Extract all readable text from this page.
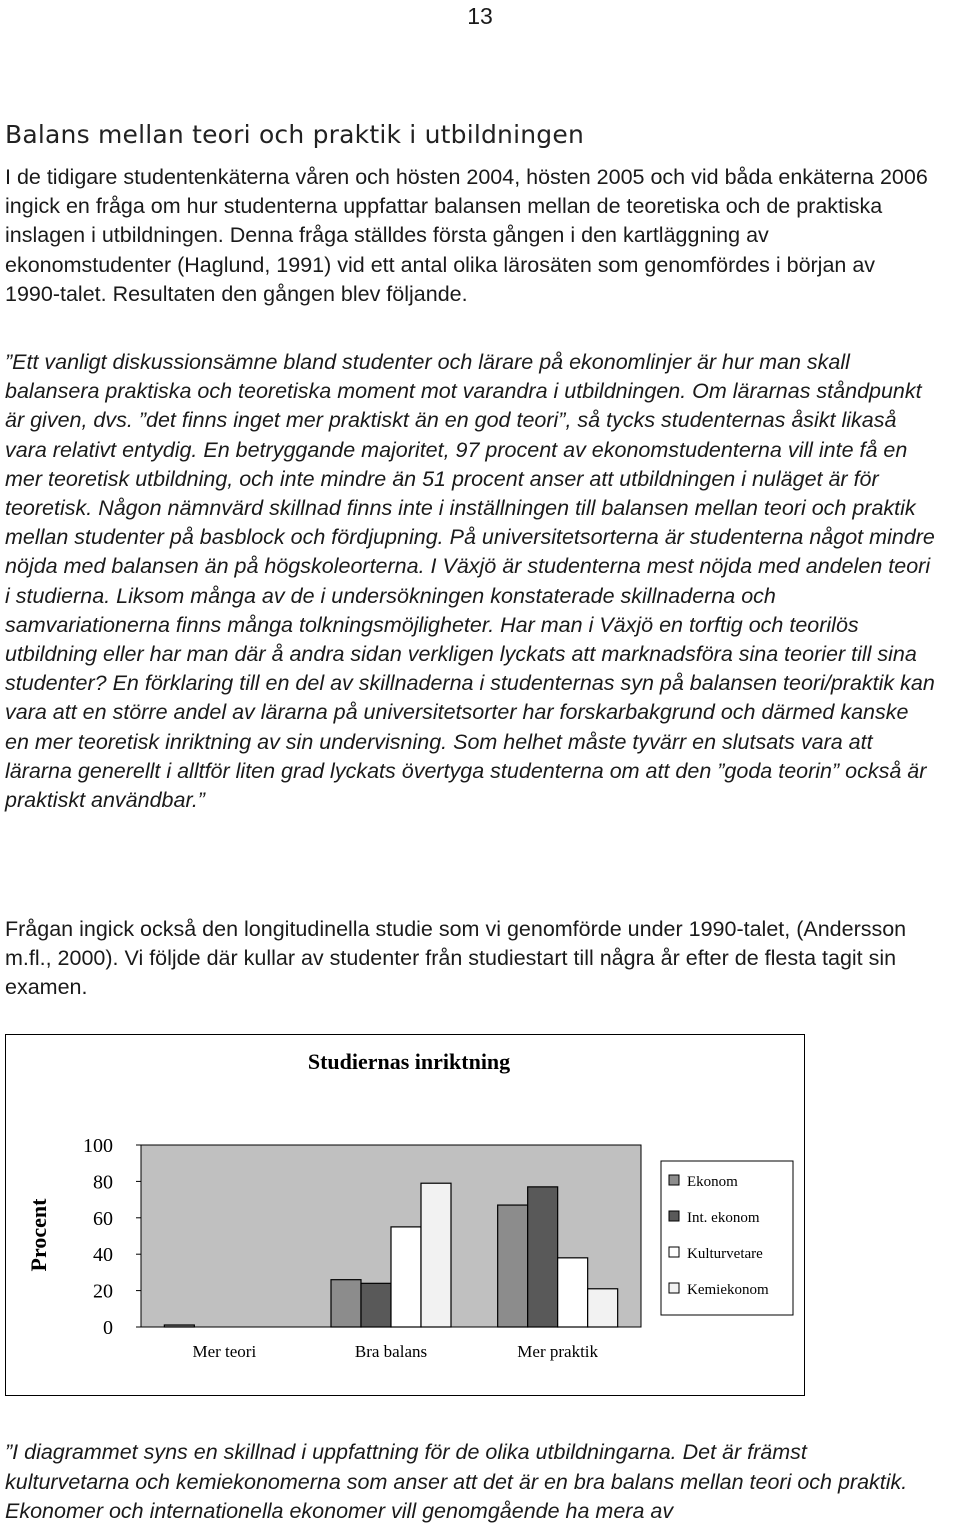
13
Balans mellan teori och praktik i utbildningen

I de tidigare studentenkäterna våren och hösten 2004, hösten 2005 och vid båda enkäterna 2006 ingick en fråga om hur studenterna uppfattar balansen mellan de teoretiska och de praktiska inslagen i utbildningen. Denna fråga ställdes första gången i den kartläggning av ekonomstudenter (Haglund, 1991) vid ett antal olika lärosäten som genomfördes i början av 1990-talet. Resultaten den gången blev följande.

”Ett vanligt diskussionsämne bland studenter och lärare på ekonomlinjer är hur man skall balansera praktiska och teoretiska moment mot varandra i utbildningen. Om lärarnas ståndpunkt är given, dvs. ”det finns inget mer praktiskt än en god teori”, så tycks studenternas åsikt likaså vara relativt entydig. En betryggande majoritet, 97 procent av ekonomstudenterna vill inte få en mer teoretisk utbildning, och inte mindre än 51 procent anser att utbildningen i nuläget är för teoretisk. Någon nämnvärd skillnad finns inte i inställningen till balansen mellan teori och praktik mellan studenter på basblock och fördjupning. På universitetsorterna är studenterna något mindre nöjda med balansen än på högskoleorterna. I Växjö är studenterna mest nöjda med andelen teori i studierna. Liksom många av de i undersökningen konstaterade skillnaderna och samvariationerna finns många tolkningsmöjligheter. Har man i Växjö en torftig och teorilös utbildning eller har man där å andra sidan verkligen lyckats att marknadsföra sina teorier till sina studenter? En förklaring till en del av skillnaderna i studenternas syn på balansen teori/praktik kan vara att en större andel av lärarna på universitetsorter har forskarbakgrund och därmed kanske en mer teoretisk inriktning av sin undervisning. Som helhet måste tyvärr en slutsats vara att lärarna generellt i alltför liten grad lyckats övertyga studenterna om att den ”goda teorin” också är praktiskt användbar.”

Frågan ingick också den longitudinella studie som vi genomförde under 1990-talet, (Andersson m.fl., 2000). Vi följde där kullar av studenter från studiestart till några år efter de flesta tagit sin examen.

Studiernas inriktning
Procent
0
20
40
60
80
100
Mer teori	Bra balans	Mer praktik
Ekonom
Int. ekonom
Kulturvetare
Kemiekonom

”I diagrammet syns en skillnad i uppfattning för de olika utbildningarna. Det är främst kulturvetarna och kemiekonomerna som anser att det är en bra balans mellan teori och praktik. Ekonomer och internationella ekonomer vill genomgående ha mera av
